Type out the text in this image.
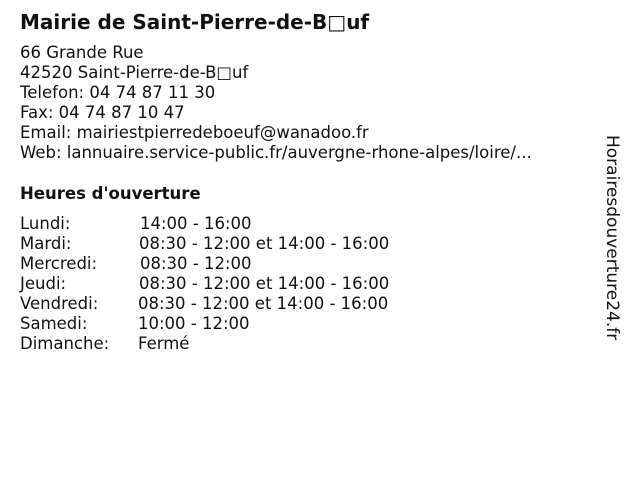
Mairie de Saint-Pierre-de-B□uf
66 Grande Rue
42520 Saint-Pierre-de-B□uf
Telefon: 04 74 87 11 30
Fax: 04 74 87 10 47
Email: mairiestpierredeboeuf@wanadoo.fr
Web: lannuaire.service-public.fr/auvergne-rhone-alpes/loire/...
Heures d'ouverture
Lundi:	14:00 - 16:00
Mardi:	08:30 - 12:00 et 14:00 - 16:00
Mercredi:	08:30 - 12:00
Jeudi:	08:30 - 12:00 et 14:00 - 16:00
Vendredi: 08:30 - 12:00 et 14:00 - 16:00
Samedi:	10:00 - 12:00
Dimanche: Fermé
Horairesdouverture24.fr
